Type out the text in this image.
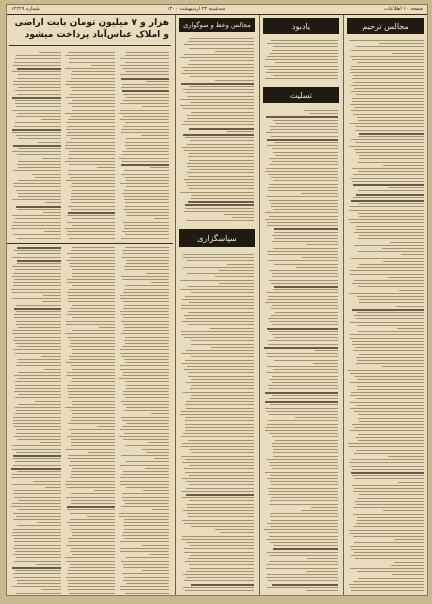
صفحه ۱۰ اطلاعات
شماره ۱۲۲۲۹	سه‌شنبه ۲۳ اردیبهشت ۱۳۰۰
هزار و ۷ میلیون تومان بابت اراضی
و املاک عباس‌آباد پرداخت میشود
مجالس وعظ و سوگواری
سپاسگزاری
یادبود
تسلیت
مجالس ترحیم
